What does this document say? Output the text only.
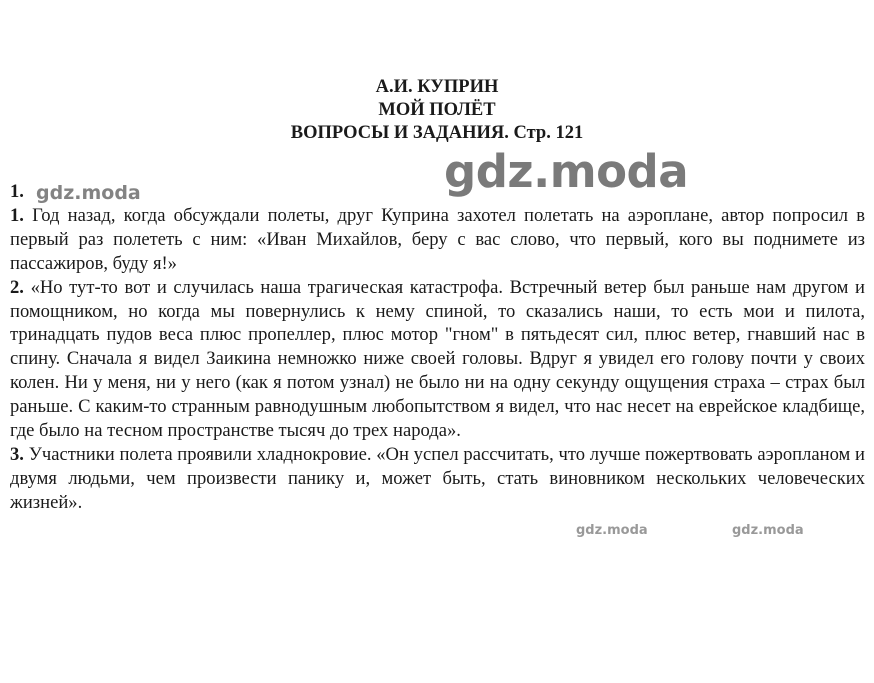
А.И. КУПРИН
МОЙ ПОЛЁТ
ВОПРОСЫ И ЗАДАНИЯ. Стр. 121
gdz.moda
gdz.moda
gdz.moda	gdz.moda
1.

1. Год назад, когда обсуждали полеты, друг Куприна захотел полетать на аэроплане, автор попросил в первый раз полететь с ним: «Иван Михайлов, беру с вас слово, что первый, кого вы поднимете из пассажиров, буду я!»

2. «Но тут-то вот и случилась наша трагическая катастрофа. Встречный ветер был раньше нам другом и помощником, но когда мы повернулись к нему спиной, то сказались наши, то есть мои и пилота, тринадцать пудов веса плюс пропеллер, плюс мотор "гном" в пятьдесят сил, плюс ветер, гнавший нас в спину. Сначала я видел Заикина немножко ниже своей головы. Вдруг я увидел его голову почти у своих колен. Ни у меня, ни у него (как я потом узнал) не было ни на одну секунду ощущения страха – страх был раньше. С каким-то странным равнодушным любопытством я видел, что нас несет на еврейское кладбище, где было на тесном пространстве тысяч до трех народа».

3. Участники полета проявили хладнокровие. «Он успел рассчитать, что лучше пожертвовать аэропланом и двумя людьми, чем произвести панику и, может быть, стать виновником нескольких человеческих жизней».
